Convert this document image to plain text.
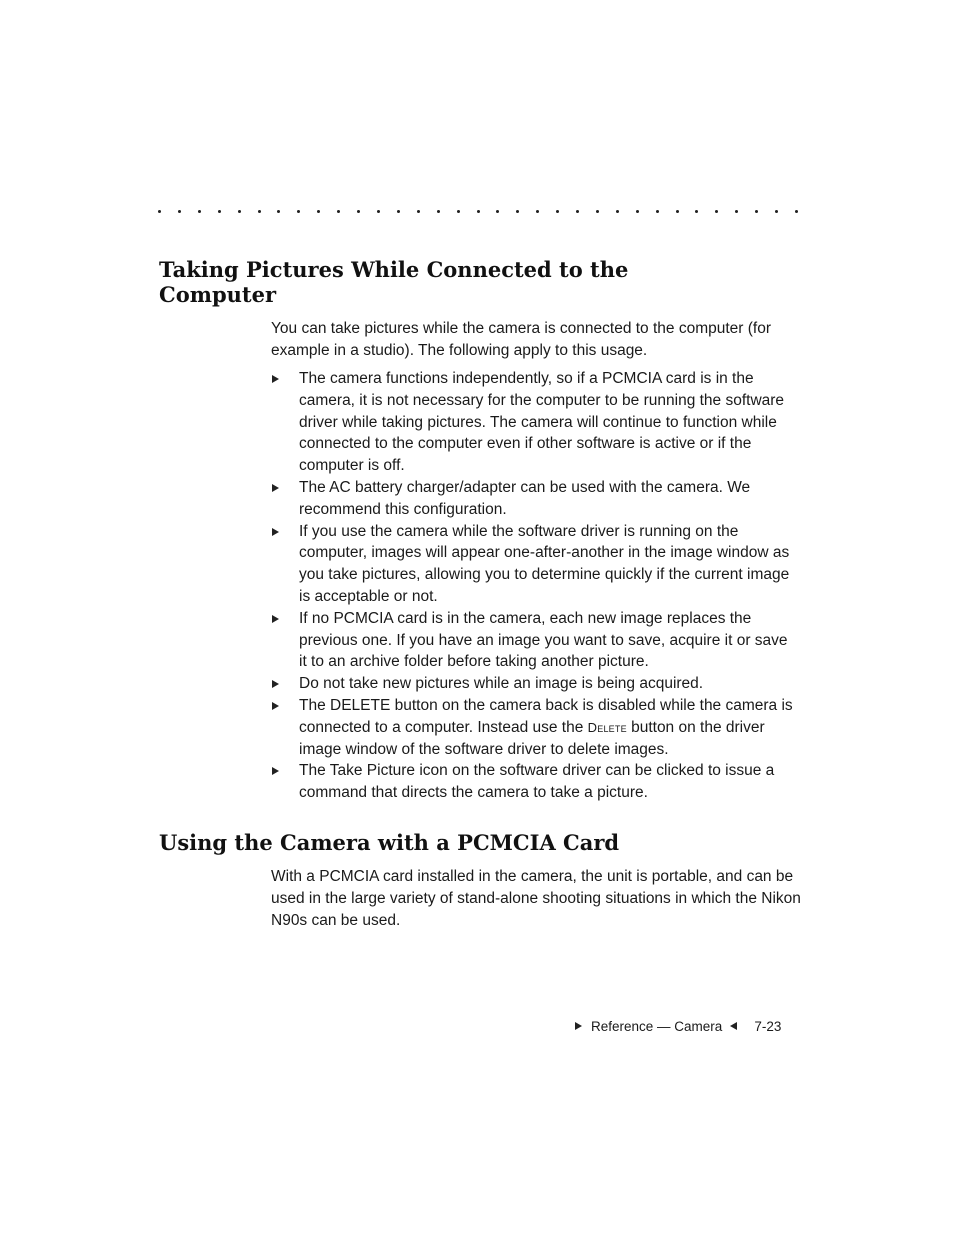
Taking Pictures While Connected to the Computer

You can take pictures while the camera is connected to the computer (for example in a studio). The following apply to this usage.

The camera functions independently, so if a PCMCIA card is in the camera, it is not necessary for the computer to be running the software driver while taking pictures. The camera will continue to function while connected to the computer even if other software is active or if the computer is off.
The AC battery charger/adapter can be used with the camera. We recommend this configuration.
If you use the camera while the software driver is running on the computer, images will appear one-after-another in the image window as you take pictures, allowing you to determine quickly if the current image is acceptable or not.
If no PCMCIA card is in the camera, each new image replaces the previous one. If you have an image you want to save, acquire it or save it to an archive folder before taking another picture.
Do not take new pictures while an image is being acquired.
The DELETE button on the camera back is disabled while the camera is connected to a computer. Instead use the Delete button on the driver image window of the software driver to delete images.
The Take Picture icon on the software driver can be clicked to issue a command that directs the camera to take a picture.
Using the Camera with a PCMCIA Card

With a PCMCIA card installed in the camera, the unit is portable, and can be used in the large variety of stand-alone shooting situations in which the Nikon N90s can be used.

Reference — Camera 7-23
